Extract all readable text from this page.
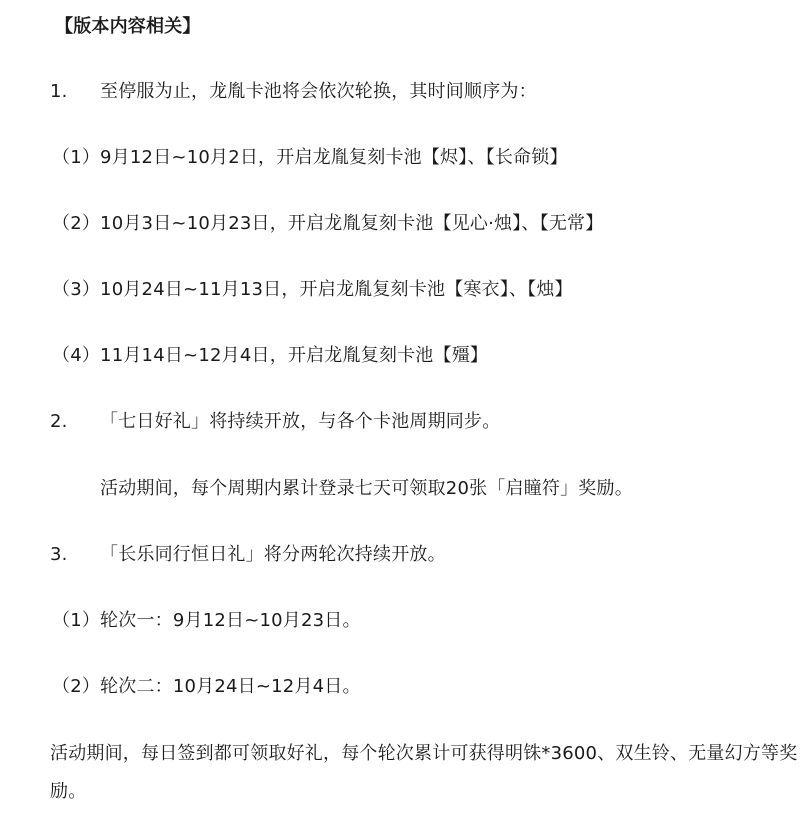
【版本内容相关】
1. 至停服为止，龙胤卡池将会依次轮换，其时间顺序为：
（1）9月12日~10月2日，开启龙胤复刻卡池【烬】、【长命锁】
（2）10月3日~10月23日，开启龙胤复刻卡池【见心·烛】、【无常】
（3）10月24日~11月13日，开启龙胤复刻卡池【寒衣】、【烛】
（4）11月14日~12月4日，开启龙胤复刻卡池【殭】
2. 「七日好礼」将持续开放，与各个卡池周期同步。
活动期间，每个周期内累计登录七天可领取20张「启瞳符」奖励。
3. 「长乐同行恒日礼」将分两轮次持续开放。
（1）轮次一：9月12日~10月23日。
（2）轮次二：10月24日~12月4日。
活动期间，每日签到都可领取好礼，每个轮次累计可获得明铢*3600、双生铃、无量幻方等奖励。
